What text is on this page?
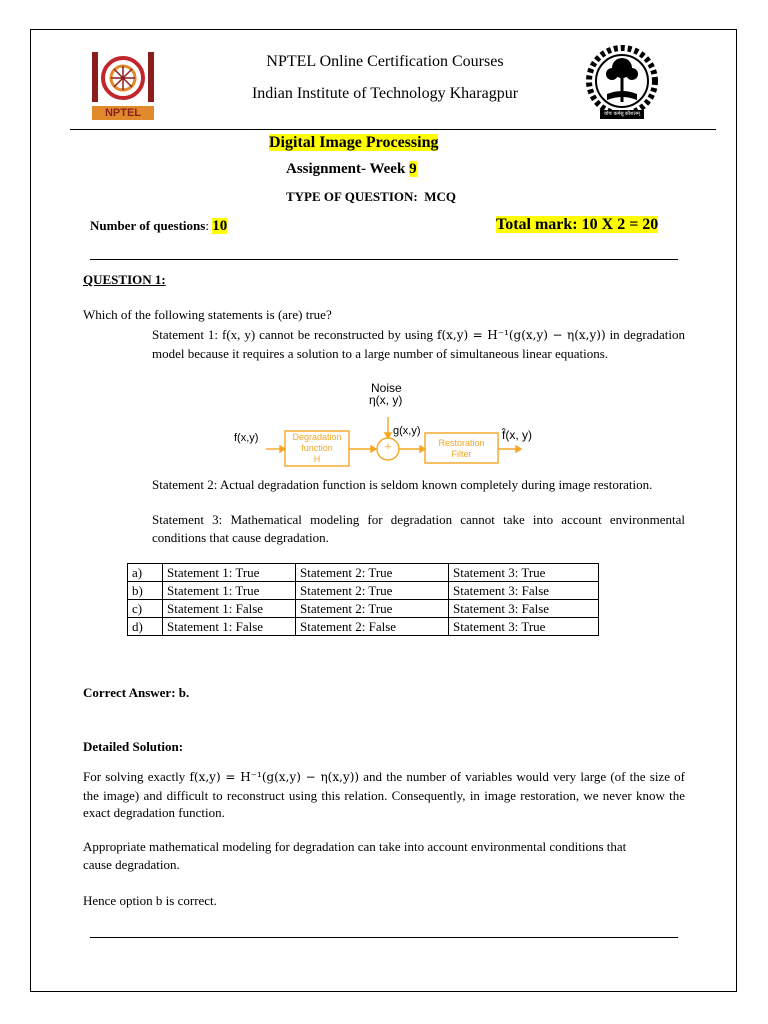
NPTEL	योगः कर्मसु कौशलम्
NPTEL Online Certification Courses
Indian Institute of Technology Kharagpur
Digital Image Processing
Assignment- Week 9
TYPE OF QUESTION:  MCQ
Number of questions: 10	Total mark: 10 X 2 = 20
QUESTION 1:
Which of the following statements is (are) true?
Statement 1: f(x, y) cannot be reconstructed by using f(x,y) = H⁻¹(g(x,y) − η(x,y)) in degradation model because it requires a solution to a large number of simultaneous linear equations.
Noise
η(x, y)
f(x,y)	Degradation
function
H
+
g(x,y)
Restoration
Filter
f̂(x, y)
Statement 2: Actual degradation function is seldom known completely during image restoration.
Statement 3: Mathematical modeling for degradation cannot take into account environmental conditions that cause degradation.
a)	Statement 1: True	Statement 2: True	Statement 3: True
b)	Statement 1: True	Statement 2: True	Statement 3: False
c)	Statement 1: False	Statement 2: True	Statement 3: False
d)	Statement 1: False	Statement 2: False	Statement 3: True
Correct Answer: b.
Detailed Solution:
For solving exactly f(x,y) = H⁻¹(g(x,y) − η(x,y)) and the number of variables would very large (of the size of the image) and difficult to reconstruct using this relation. Consequently, in image restoration, we never know the exact degradation function.
Appropriate mathematical modeling for degradation can take into account environmental conditions that cause degradation.
Hence option b is correct.
